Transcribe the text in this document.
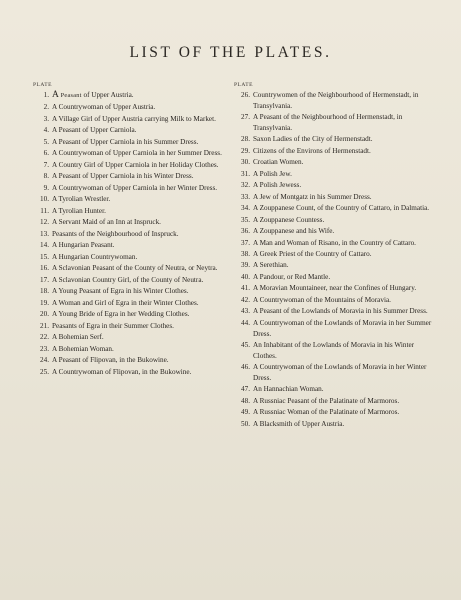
LIST OF THE PLATES.
PLATE
1. A Peasant of Upper Austria.
2. A Countrywoman of Upper Austria.
3. A Village Girl of Upper Austria carrying Milk to Market.
4. A Peasant of Upper Carniola.
5. A Peasant of Upper Carniola in his Summer Dress.
6. A Countrywoman of Upper Carniola in her Summer Dress.
7. A Country Girl of Upper Carniola in her Holiday Clothes.
8. A Peasant of Upper Carniola in his Winter Dress.
9. A Countrywoman of Upper Carniola in her Winter Dress.
10. A Tyrolian Wrestler.
11. A Tyrolian Hunter.
12. A Servant Maid of an Inn at Inspruck.
13. Peasants of the Neighbourhood of Inspruck.
14. A Hungarian Peasant.
15. A Hungarian Countrywoman.
16. A Sclavonian Peasant of the County of Neutra, or Neytra.
17. A Sclavonian Country Girl, of the County of Neutra.
18. A Young Peasant of Egra in his Winter Clothes.
19. A Woman and Girl of Egra in their Winter Clothes.
20. A Young Bride of Egra in her Wedding Clothes.
21. Peasants of Egra in their Summer Clothes.
22. A Bohemian Serf.
23. A Bohemian Woman.
24. A Peasant of Flipovan, in the Bukowine.
25. A Countrywoman of Flipovan, in the Bukowine.
PLATE
26. Countrywomen of the Neighbourhood of Hermenstadt, in Transylvania.
27. A Peasant of the Neighbourhood of Hermenstadt, in Transylvania.
28. Saxon Ladies of the City of Hermenstadt.
29. Citizens of the Environs of Hermenstadt.
30. Croatian Women.
31. A Polish Jew.
32. A Polish Jewess.
33. A Jew of Montgatz in his Summer Dress.
34. A Zouppanese Count, of the Country of Cattaro, in Dalmatia.
35. A Zouppanese Countess.
36. A Zouppanese and his Wife.
37. A Man and Woman of Risano, in the Country of Cattaro.
38. A Greek Priest of the Country of Cattaro.
39. A Serethian.
40. A Pandour, or Red Mantle.
41. A Moravian Mountaineer, near the Confines of Hungary.
42. A Countrywoman of the Mountains of Moravia.
43. A Peasant of the Lowlands of Moravia in his Summer Dress.
44. A Countrywoman of the Lowlands of Moravia in her Summer Dress.
45. An Inhabitant of the Lowlands of Moravia in his Winter Clothes.
46. A Countrywoman of the Lowlands of Moravia in her Winter Dress.
47. An Hannachian Woman.
48. A Russniac Peasant of the Palatinate of Marmoros.
49. A Russniac Woman of the Palatinate of Marmoros.
50. A Blacksmith of Upper Austria.
